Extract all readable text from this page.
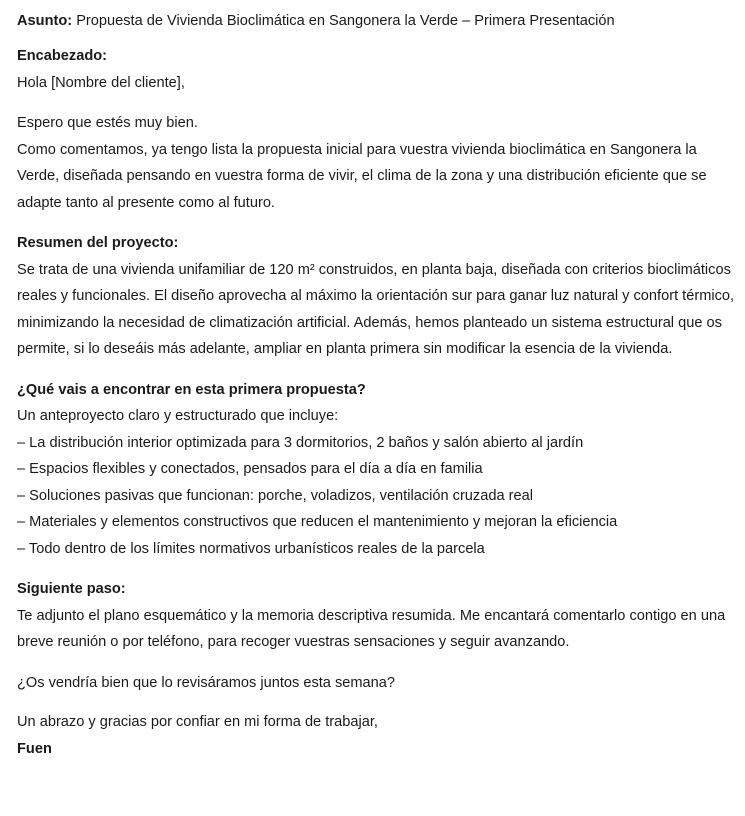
Asunto: Propuesta de Vivienda Bioclimática en Sangonera la Verde – Primera Presentación

Encabezado:
Hola [Nombre del cliente],
Espero que estés muy bien.
Como comentamos, ya tengo lista la propuesta inicial para vuestra vivienda bioclimática en Sangonera la Verde, diseñada pensando en vuestra forma de vivir, el clima de la zona y una distribución eficiente que se adapte tanto al presente como al futuro.
Resumen del proyecto:
Se trata de una vivienda unifamiliar de 120 m² construidos, en planta baja, diseñada con criterios bioclimáticos reales y funcionales. El diseño aprovecha al máximo la orientación sur para ganar luz natural y confort térmico, minimizando la necesidad de climatización artificial. Además, hemos planteado un sistema estructural que os permite, si lo deseáis más adelante, ampliar en planta primera sin modificar la esencia de la vivienda.
¿Qué vais a encontrar en esta primera propuesta?
Un anteproyecto claro y estructurado que incluye:
– La distribución interior optimizada para 3 dormitorios, 2 baños y salón abierto al jardín
– Espacios flexibles y conectados, pensados para el día a día en familia
– Soluciones pasivas que funcionan: porche, voladizos, ventilación cruzada real
– Materiales y elementos constructivos que reducen el mantenimiento y mejoran la eficiencia
– Todo dentro de los límites normativos urbanísticos reales de la parcela
Siguiente paso:
Te adjunto el plano esquemático y la memoria descriptiva resumida. Me encantará comentarlo contigo en una breve reunión o por teléfono, para recoger vuestras sensaciones y seguir avanzando.

¿Os vendría bien que lo revisáramos juntos esta semana?

Un abrazo y gracias por confiar en mi forma de trabajar,
Fuen
